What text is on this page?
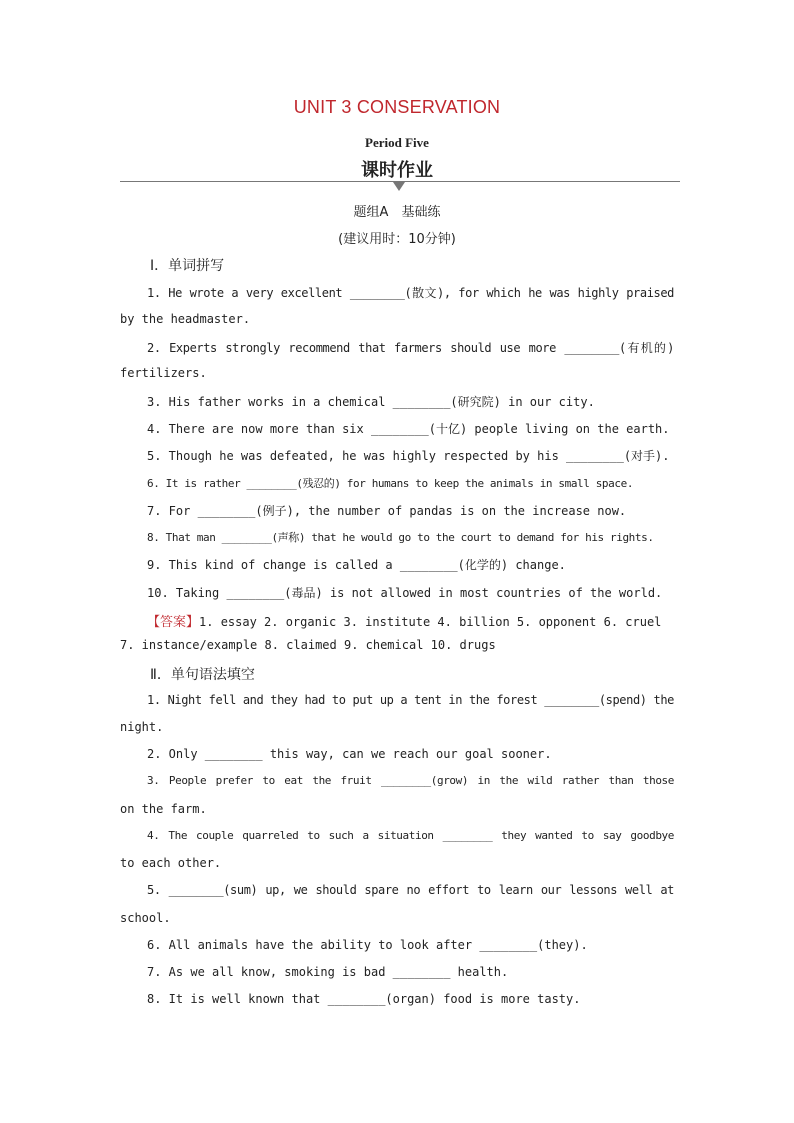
UNIT 3 CONSERVATION
Period Five
课时作业
题组A　基础练
(建议用时：10分钟)
Ⅰ．单词拼写
1. He wrote a very excellent ________(散文), for which he was highly praised
by the headmaster.
2. Experts strongly recommend that farmers should use more ________(有机的)
fertilizers.
3. His father works in a chemical ________(研究院) in our city.
4. There are now more than six ________(十亿) people living on the earth.
5. Though he was defeated, he was highly respected by his ________(对手).
6. It is rather ________(残忍的) for humans to keep the animals in small space.
7. For ________(例子), the number of pandas is on the increase now.
8. That man ________(声称) that he would go to the court to demand for his rights.
9. This kind of change is called a ________(化学的) change.
10. Taking ________(毒品) is not allowed in most countries of the world.
【答案】1. essay 2. organic 3. institute 4. billion 5. opponent 6. cruel
7. instance/example 8. claimed 9. chemical 10. drugs
Ⅱ．单句语法填空
1. Night fell and they had to put up a tent in the forest ________(spend) the
night.
2. Only ________ this way, can we reach our goal sooner.
3. People prefer to eat the fruit ________(grow) in the wild rather than those
on the farm.
4. The couple quarreled to such a situation ________ they wanted to say goodbye
to each other.
5. ________(sum) up, we should spare no effort to learn our lessons well at
school.
6. All animals have the ability to look after ________(they).
7. As we all know, smoking is bad ________ health.
8. It is well known that ________(organ) food is more tasty.
